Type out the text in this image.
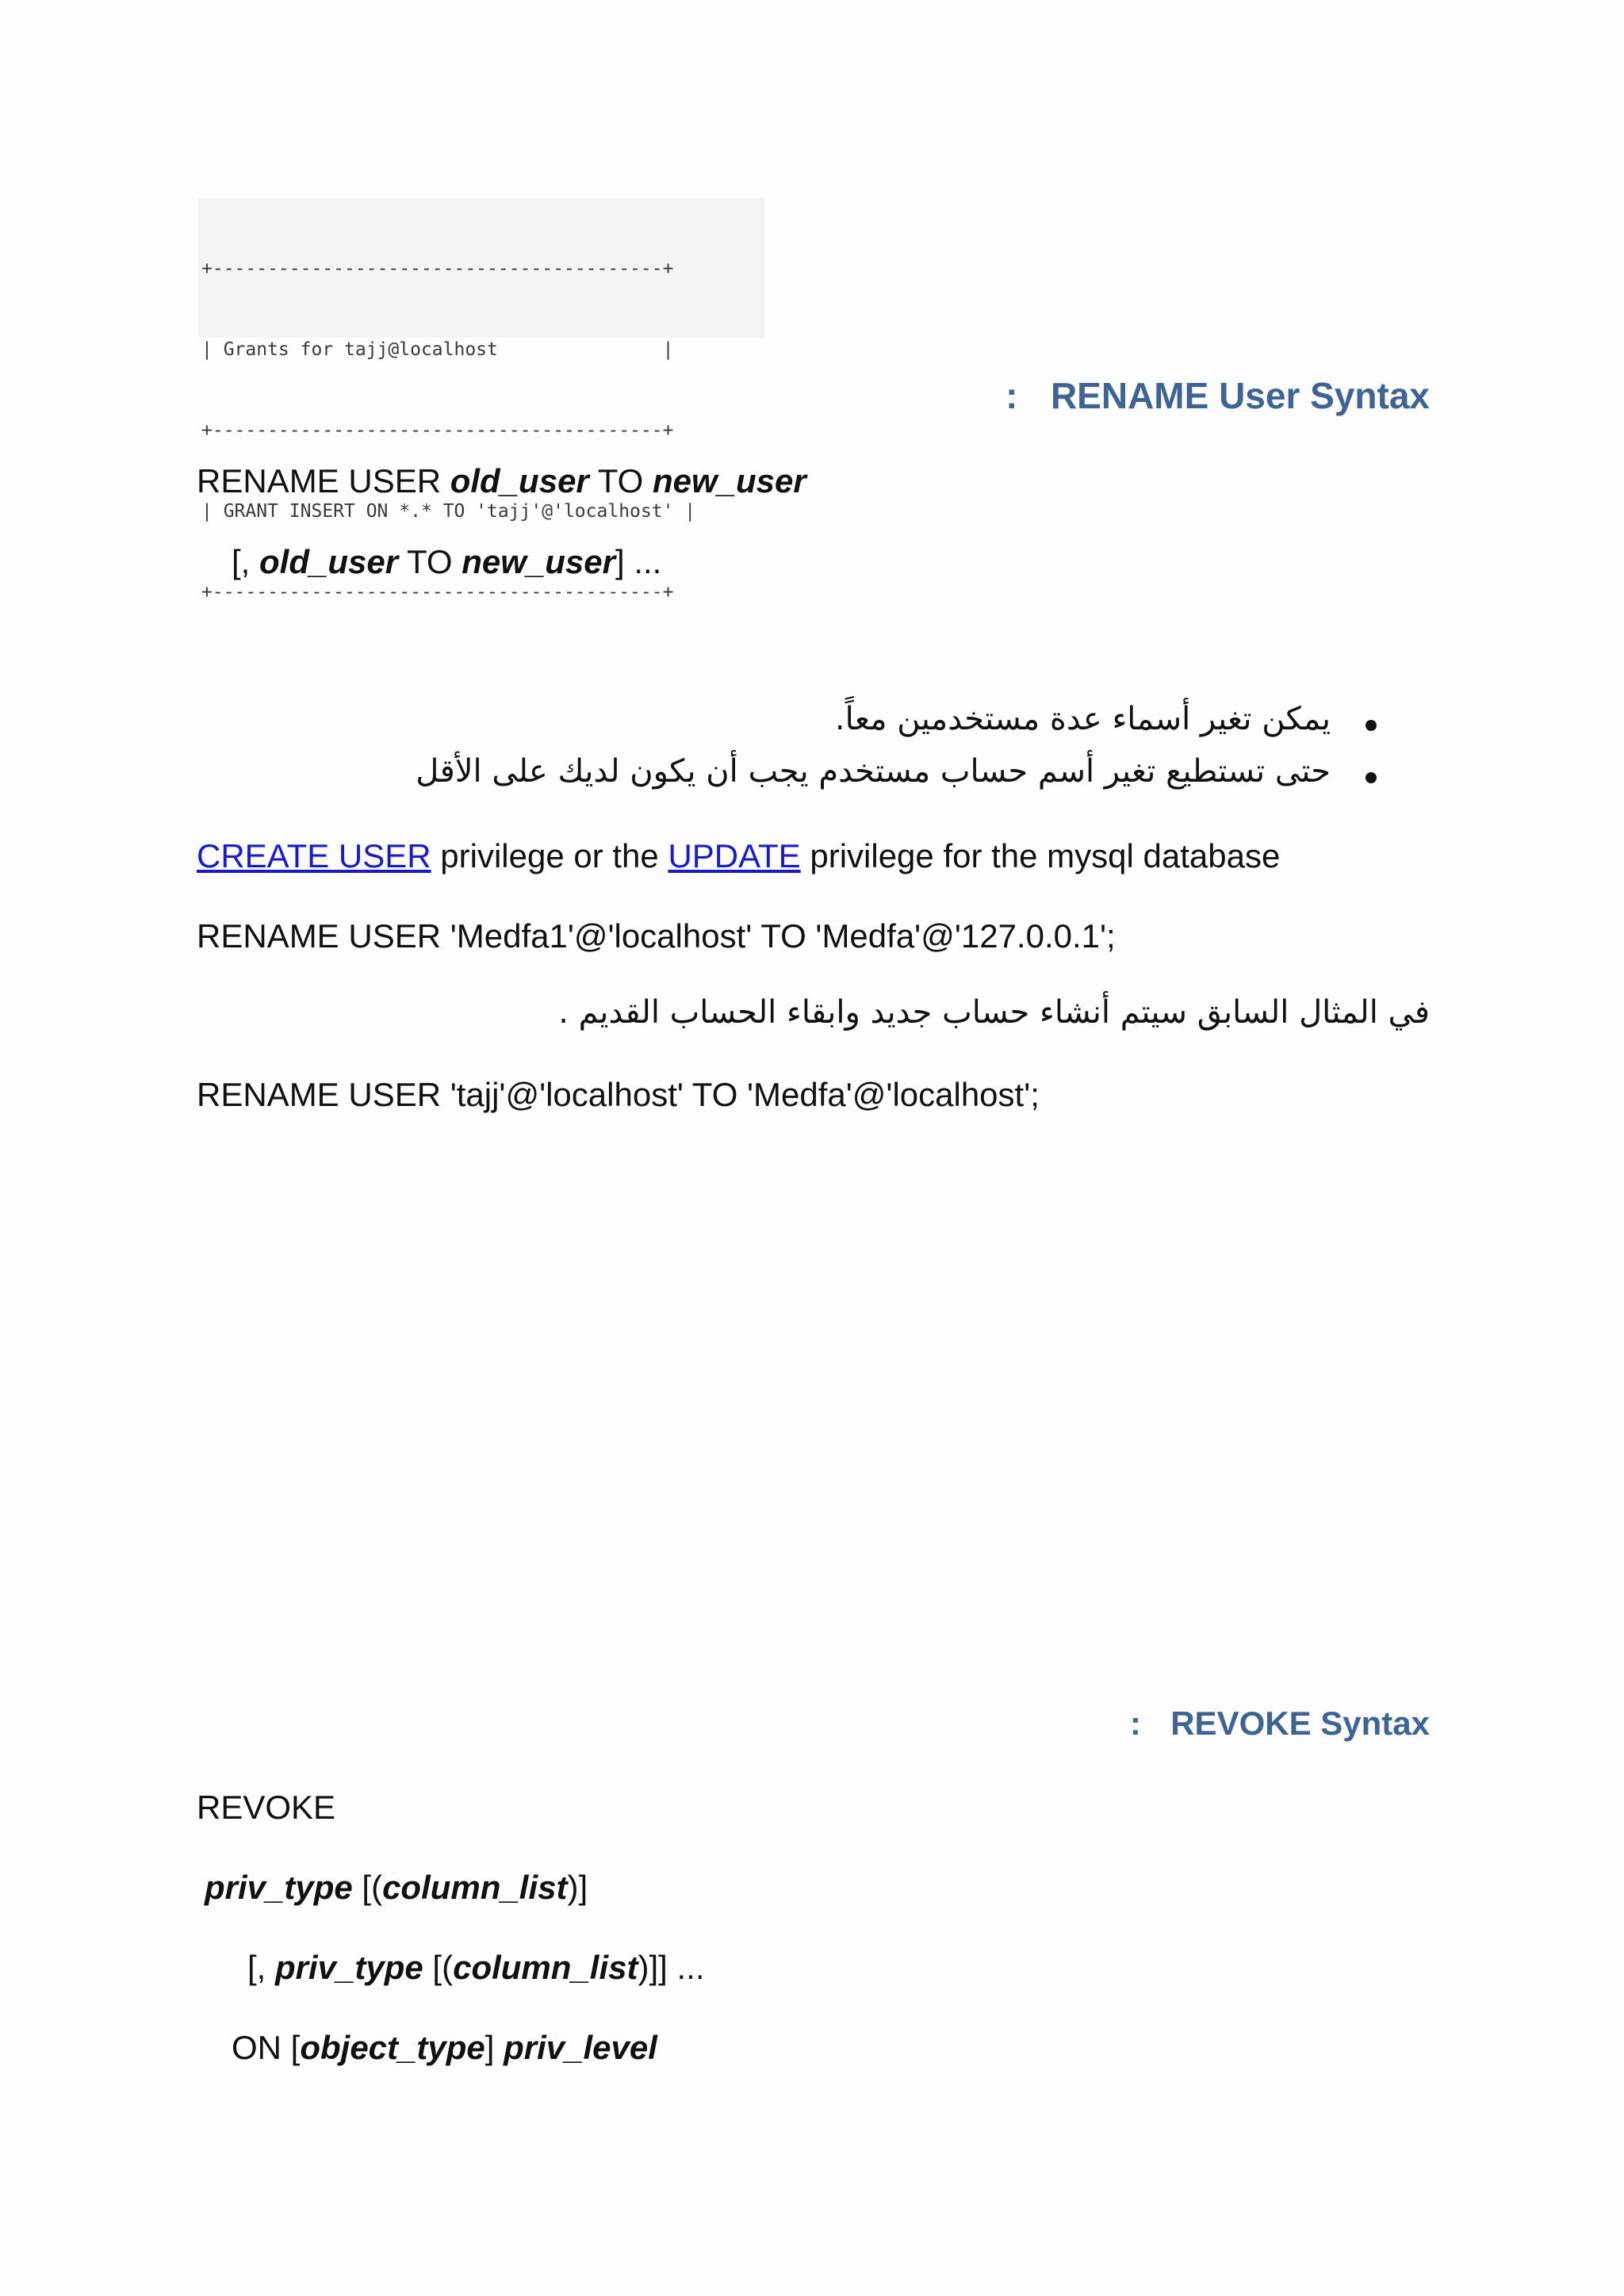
+-----------------------------------------+

| Grants for tajj@localhost               |

+-----------------------------------------+

| GRANT INSERT ON *.* TO 'tajj'@'localhost' |

+-----------------------------------------+

: RENAME User Syntax
RENAME USER old_user TO new_user
[, old_user TO new_user] ...
يمكن تغير أسماء عدة مستخدمين معاً.
حتى تستطيع تغير أسم حساب مستخدم يجب أن يكون لديك على الأقل
CREATE USER privilege or the UPDATE privilege for the mysql database
RENAME USER 'Medfa1'@'localhost' TO 'Medfa'@'127.0.0.1';
في المثال السابق سيتم أنشاء حساب جديد وابقاء الحساب القديم .
RENAME USER 'tajj'@'localhost' TO 'Medfa'@'localhost';
: REVOKE Syntax
REVOKE
priv_type [(column_list)]
[, priv_type [(column_list)]] ...
ON [object_type] priv_level
